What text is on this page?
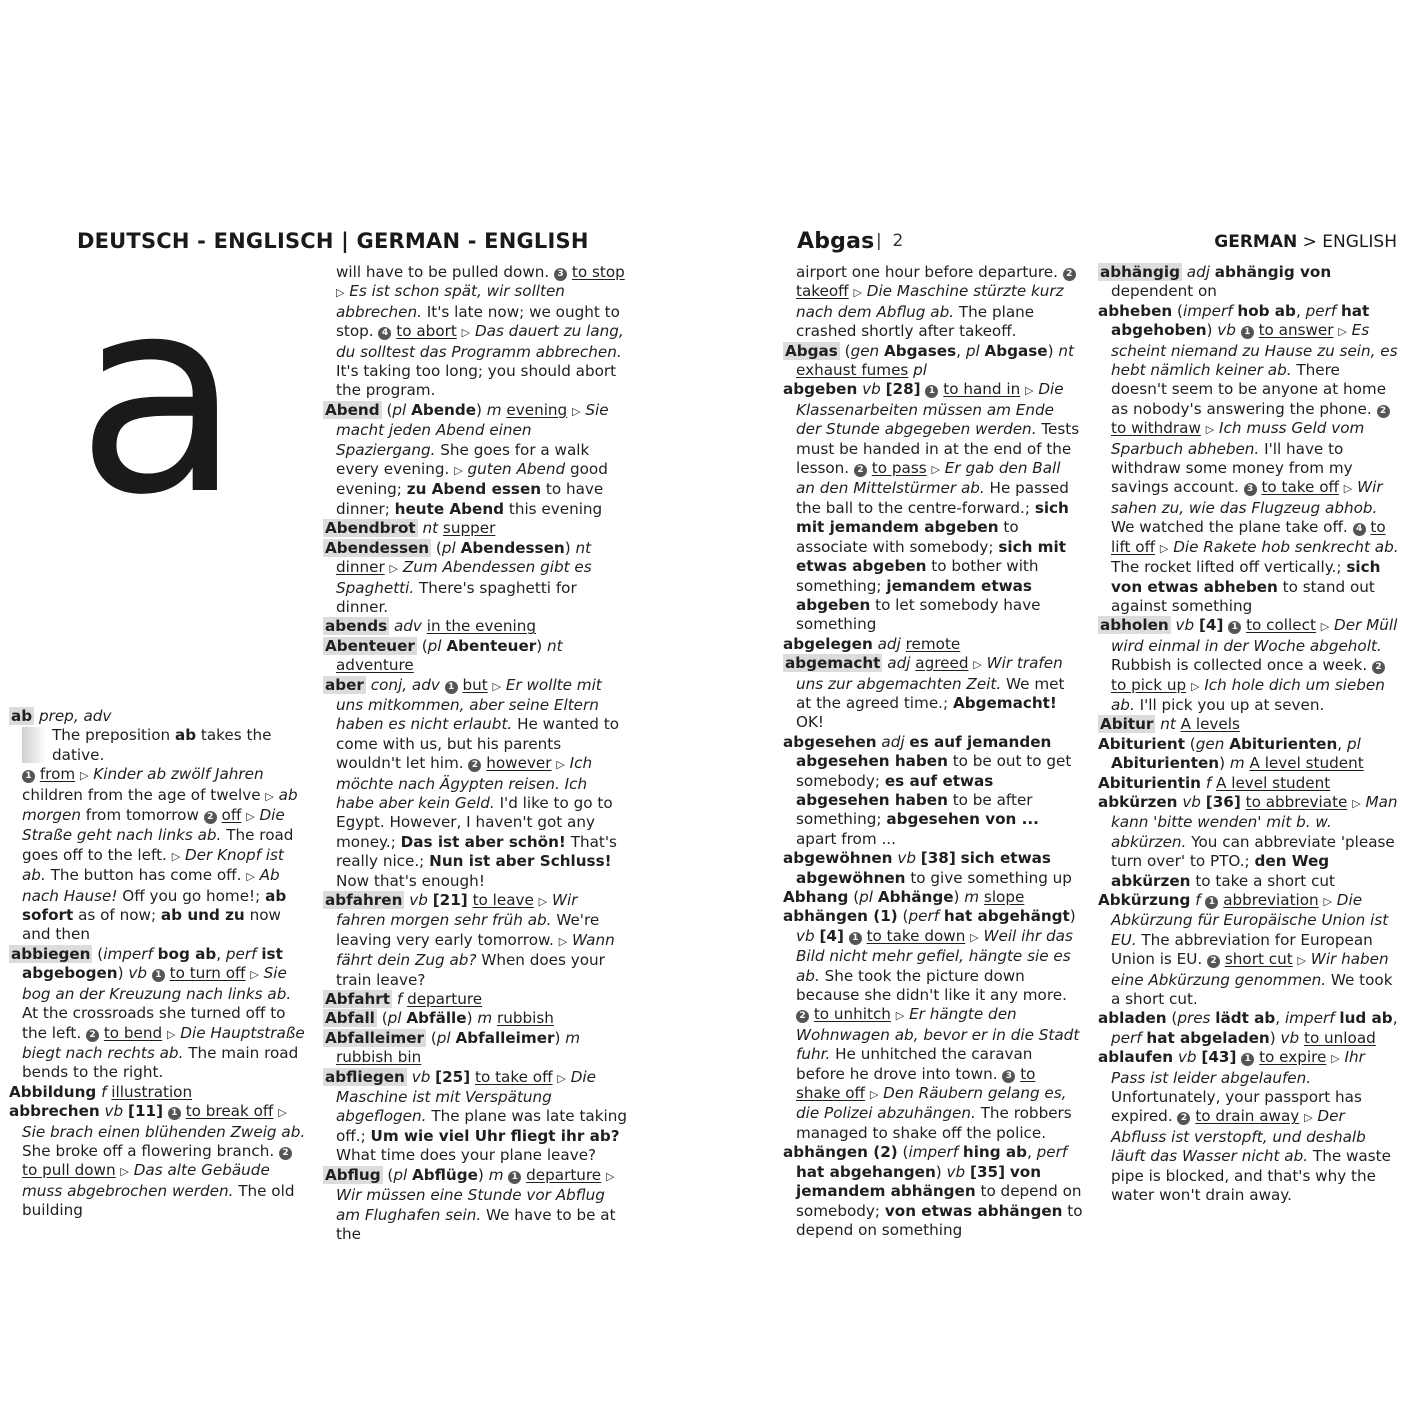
DEUTSCH - ENGLISCH | GERMAN - ENGLISH	Abgas | 2	GERMAN > ENGLISH
a

ab prep, adv

The preposition ab takes the dative.

1 from ▷ Kinder ab zwölf Jahren children from the age of twelve ▷ ab morgen from tomorrow 2 off ▷ Die Straße geht nach links ab. The road goes off to the left. ▷ Der Knopf ist ab. The button has come off. ▷ Ab nach Hause! Off you go home!; ab sofort as of now; ab und zu now and then

abbiegen (imperf bog ab, perf ist abgebogen) vb 1 to turn off ▷ Sie bog an der Kreuzung nach links ab. At the crossroads she turned off to the left. 2 to bend ▷ Die Hauptstraße biegt nach rechts ab. The main road bends to the right.

Abbildung f illustration

abbrechen vb [11] 1 to break off ▷ Sie brach einen blühenden Zweig ab. She broke off a flowering branch. 2 to pull down ▷ Das alte Gebäude muss abgebrochen werden. The old building

will have to be pulled down. 3 to stop ▷ Es ist schon spät, wir sollten abbrechen. It's late now; we ought to stop. 4 to abort ▷ Das dauert zu lang, du solltest das Programm abbrechen. It's taking too long; you should abort the program.

Abend (pl Abende) m evening ▷ Sie macht jeden Abend einen Spaziergang. She goes for a walk every evening. ▷ guten Abend good evening; zu Abend essen to have dinner; heute Abend this evening

Abendbrot nt supper

Abendessen (pl Abendessen) nt dinner ▷ Zum Abendessen gibt es Spaghetti. There's spaghetti for dinner.

abends adv in the evening

Abenteuer (pl Abenteuer) nt adventure

aber conj, adv 1 but ▷ Er wollte mit uns mitkommen, aber seine Eltern haben es nicht erlaubt. He wanted to come with us, but his parents wouldn't let him. 2 however ▷ Ich möchte nach Ägypten reisen. Ich habe aber kein Geld. I'd like to go to Egypt. However, I haven't got any money.; Das ist aber schön! That's really nice.; Nun ist aber Schluss! Now that's enough!

abfahren vb [21] to leave ▷ Wir fahren morgen sehr früh ab. We're leaving very early tomorrow. ▷ Wann fährt dein Zug ab? When does your train leave?

Abfahrt f departure

Abfall (pl Abfälle) m rubbish

Abfalleimer (pl Abfalleimer) m rubbish bin

abfliegen vb [25] to take off ▷ Die Maschine ist mit Verspätung abgeflogen. The plane was late taking off.; Um wie viel Uhr fliegt ihr ab? What time does your plane leave?

Abflug (pl Abflüge) m 1 departure ▷ Wir müssen eine Stunde vor Abflug am Flughafen sein. We have to be at the

airport one hour before departure. 2 takeoff ▷ Die Maschine stürzte kurz nach dem Abflug ab. The plane crashed shortly after takeoff.

Abgas (gen Abgases, pl Abgase) nt exhaust fumes pl

abgeben vb [28] 1 to hand in ▷ Die Klassenarbeiten müssen am Ende der Stunde abgegeben werden. Tests must be handed in at the end of the lesson. 2 to pass ▷ Er gab den Ball an den Mittelstürmer ab. He passed the ball to the centre-forward.; sich mit jemandem abgeben to associate with somebody; sich mit etwas abgeben to bother with something; jemandem etwas abgeben to let somebody have something

abgelegen adj remote

abgemacht adj agreed ▷ Wir trafen uns zur abgemachten Zeit. We met at the agreed time.; Abgemacht! OK!

abgesehen adj es auf jemanden abgesehen haben to be out to get somebody; es auf etwas abgesehen haben to be after something; abgesehen von ... apart from ...

abgewöhnen vb [38] sich etwas abgewöhnen to give something up

Abhang (pl Abhänge) m slope

abhängen (1) (perf hat abgehängt) vb [4] 1 to take down ▷ Weil ihr das Bild nicht mehr gefiel, hängte sie es ab. She took the picture down because she didn't like it any more. 2 to unhitch ▷ Er hängte den Wohnwagen ab, bevor er in die Stadt fuhr. He unhitched the caravan before he drove into town. 3 to shake off ▷ Den Räubern gelang es, die Polizei abzuhängen. The robbers managed to shake off the police.

abhängen (2) (imperf hing ab, perf hat abgehangen) vb [35] von jemandem abhängen to depend on somebody; von etwas abhängen to depend on something

abhängig adj abhängig von dependent on

abheben (imperf hob ab, perf hat abgehoben) vb 1 to answer ▷ Es scheint niemand zu Hause zu sein, es hebt nämlich keiner ab. There doesn't seem to be anyone at home as nobody's answering the phone. 2 to withdraw ▷ Ich muss Geld vom Sparbuch abheben. I'll have to withdraw some money from my savings account. 3 to take off ▷ Wir sahen zu, wie das Flugzeug abhob. We watched the plane take off. 4 to lift off ▷ Die Rakete hob senkrecht ab. The rocket lifted off vertically.; sich von etwas abheben to stand out against something

abholen vb [4] 1 to collect ▷ Der Müll wird einmal in der Woche abgeholt. Rubbish is collected once a week. 2 to pick up ▷ Ich hole dich um sieben ab. I'll pick you up at seven.

Abitur nt A levels

Abiturient (gen Abiturienten, pl Abiturienten) m A level student

Abiturientin f A level student

abkürzen vb [36] to abbreviate ▷ Man kann 'bitte wenden' mit b. w. abkürzen. You can abbreviate 'please turn over' to PTO.; den Weg abkürzen to take a short cut

Abkürzung f 1 abbreviation ▷ Die Abkürzung für Europäische Union ist EU. The abbreviation for European Union is EU. 2 short cut ▷ Wir haben eine Abkürzung genommen. We took a short cut.

abladen (pres lädt ab, imperf lud ab, perf hat abgeladen) vb to unload

ablaufen vb [43] 1 to expire ▷ Ihr Pass ist leider abgelaufen. Unfortunately, your passport has expired. 2 to drain away ▷ Der Abfluss ist verstopft, und deshalb läuft das Wasser nicht ab. The waste pipe is blocked, and that's why the water won't drain away.
